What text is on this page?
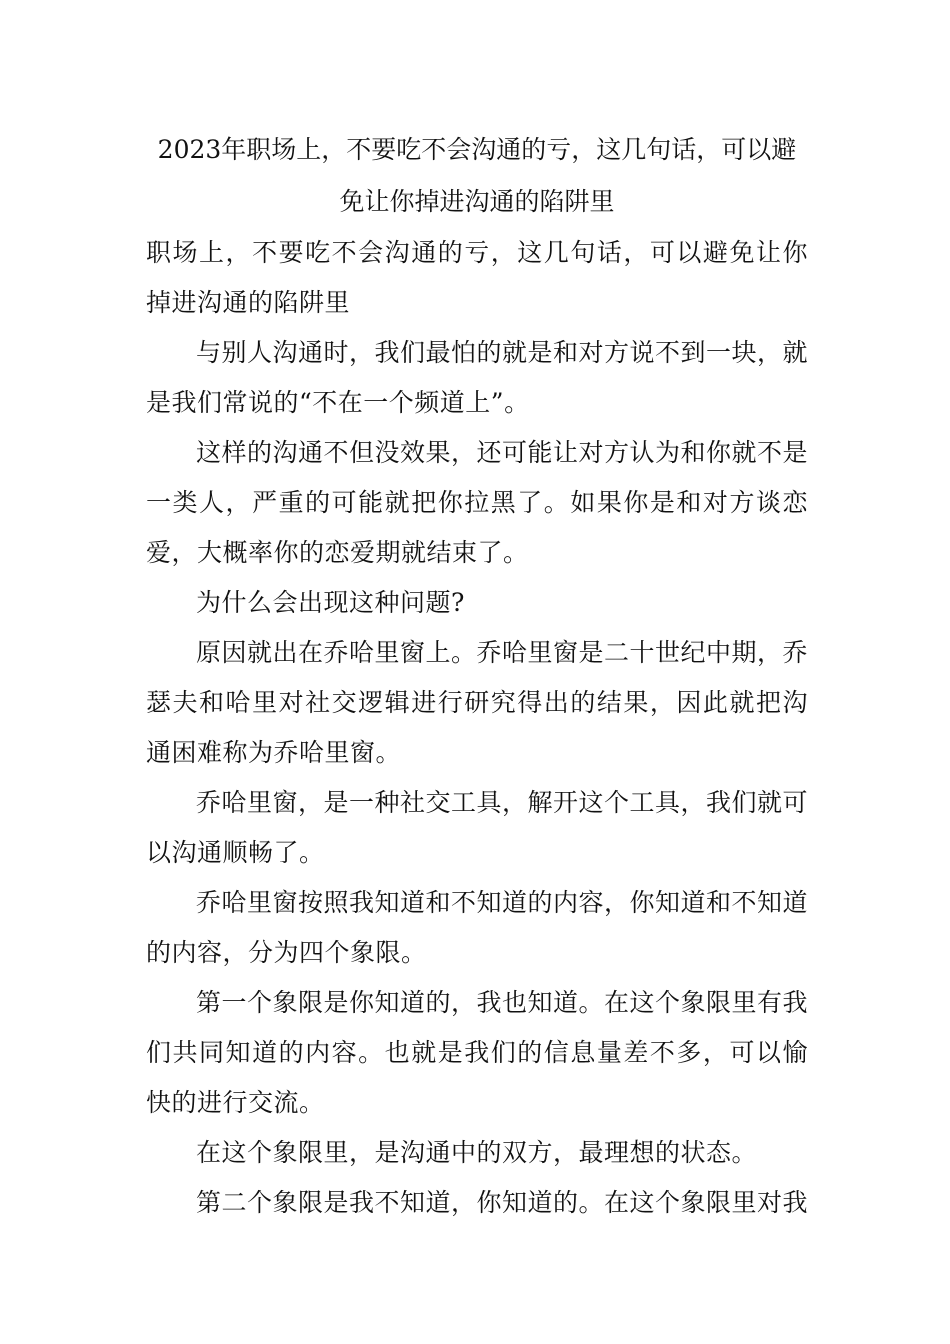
2023年职场上，不要吃不会沟通的亏，这几句话，可以避免让你掉进沟通的陷阱里

职场上，不要吃不会沟通的亏，这几句话，可以避免让你掉进沟通的陷阱里

与别人沟通时，我们最怕的就是和对方说不到一块，就是我们常说的“不在一个频道上”。

这样的沟通不但没效果，还可能让对方认为和你就不是一类人，严重的可能就把你拉黑了。如果你是和对方谈恋爱，大概率你的恋爱期就结束了。

为什么会出现这种问题?

原因就出在乔哈里窗上。乔哈里窗是二十世纪中期，乔瑟夫和哈里对社交逻辑进行研究得出的结果，因此就把沟通困难称为乔哈里窗。

乔哈里窗，是一种社交工具，解开这个工具，我们就可以沟通顺畅了。

乔哈里窗按照我知道和不知道的内容，你知道和不知道的内容，分为四个象限。

第一个象限是你知道的，我也知道。在这个象限里有我们共同知道的内容。也就是我们的信息量差不多，可以愉快的进行交流。

在这个象限里，是沟通中的双方，最理想的状态。

第二个象限是我不知道，你知道的。在这个象限里对我
